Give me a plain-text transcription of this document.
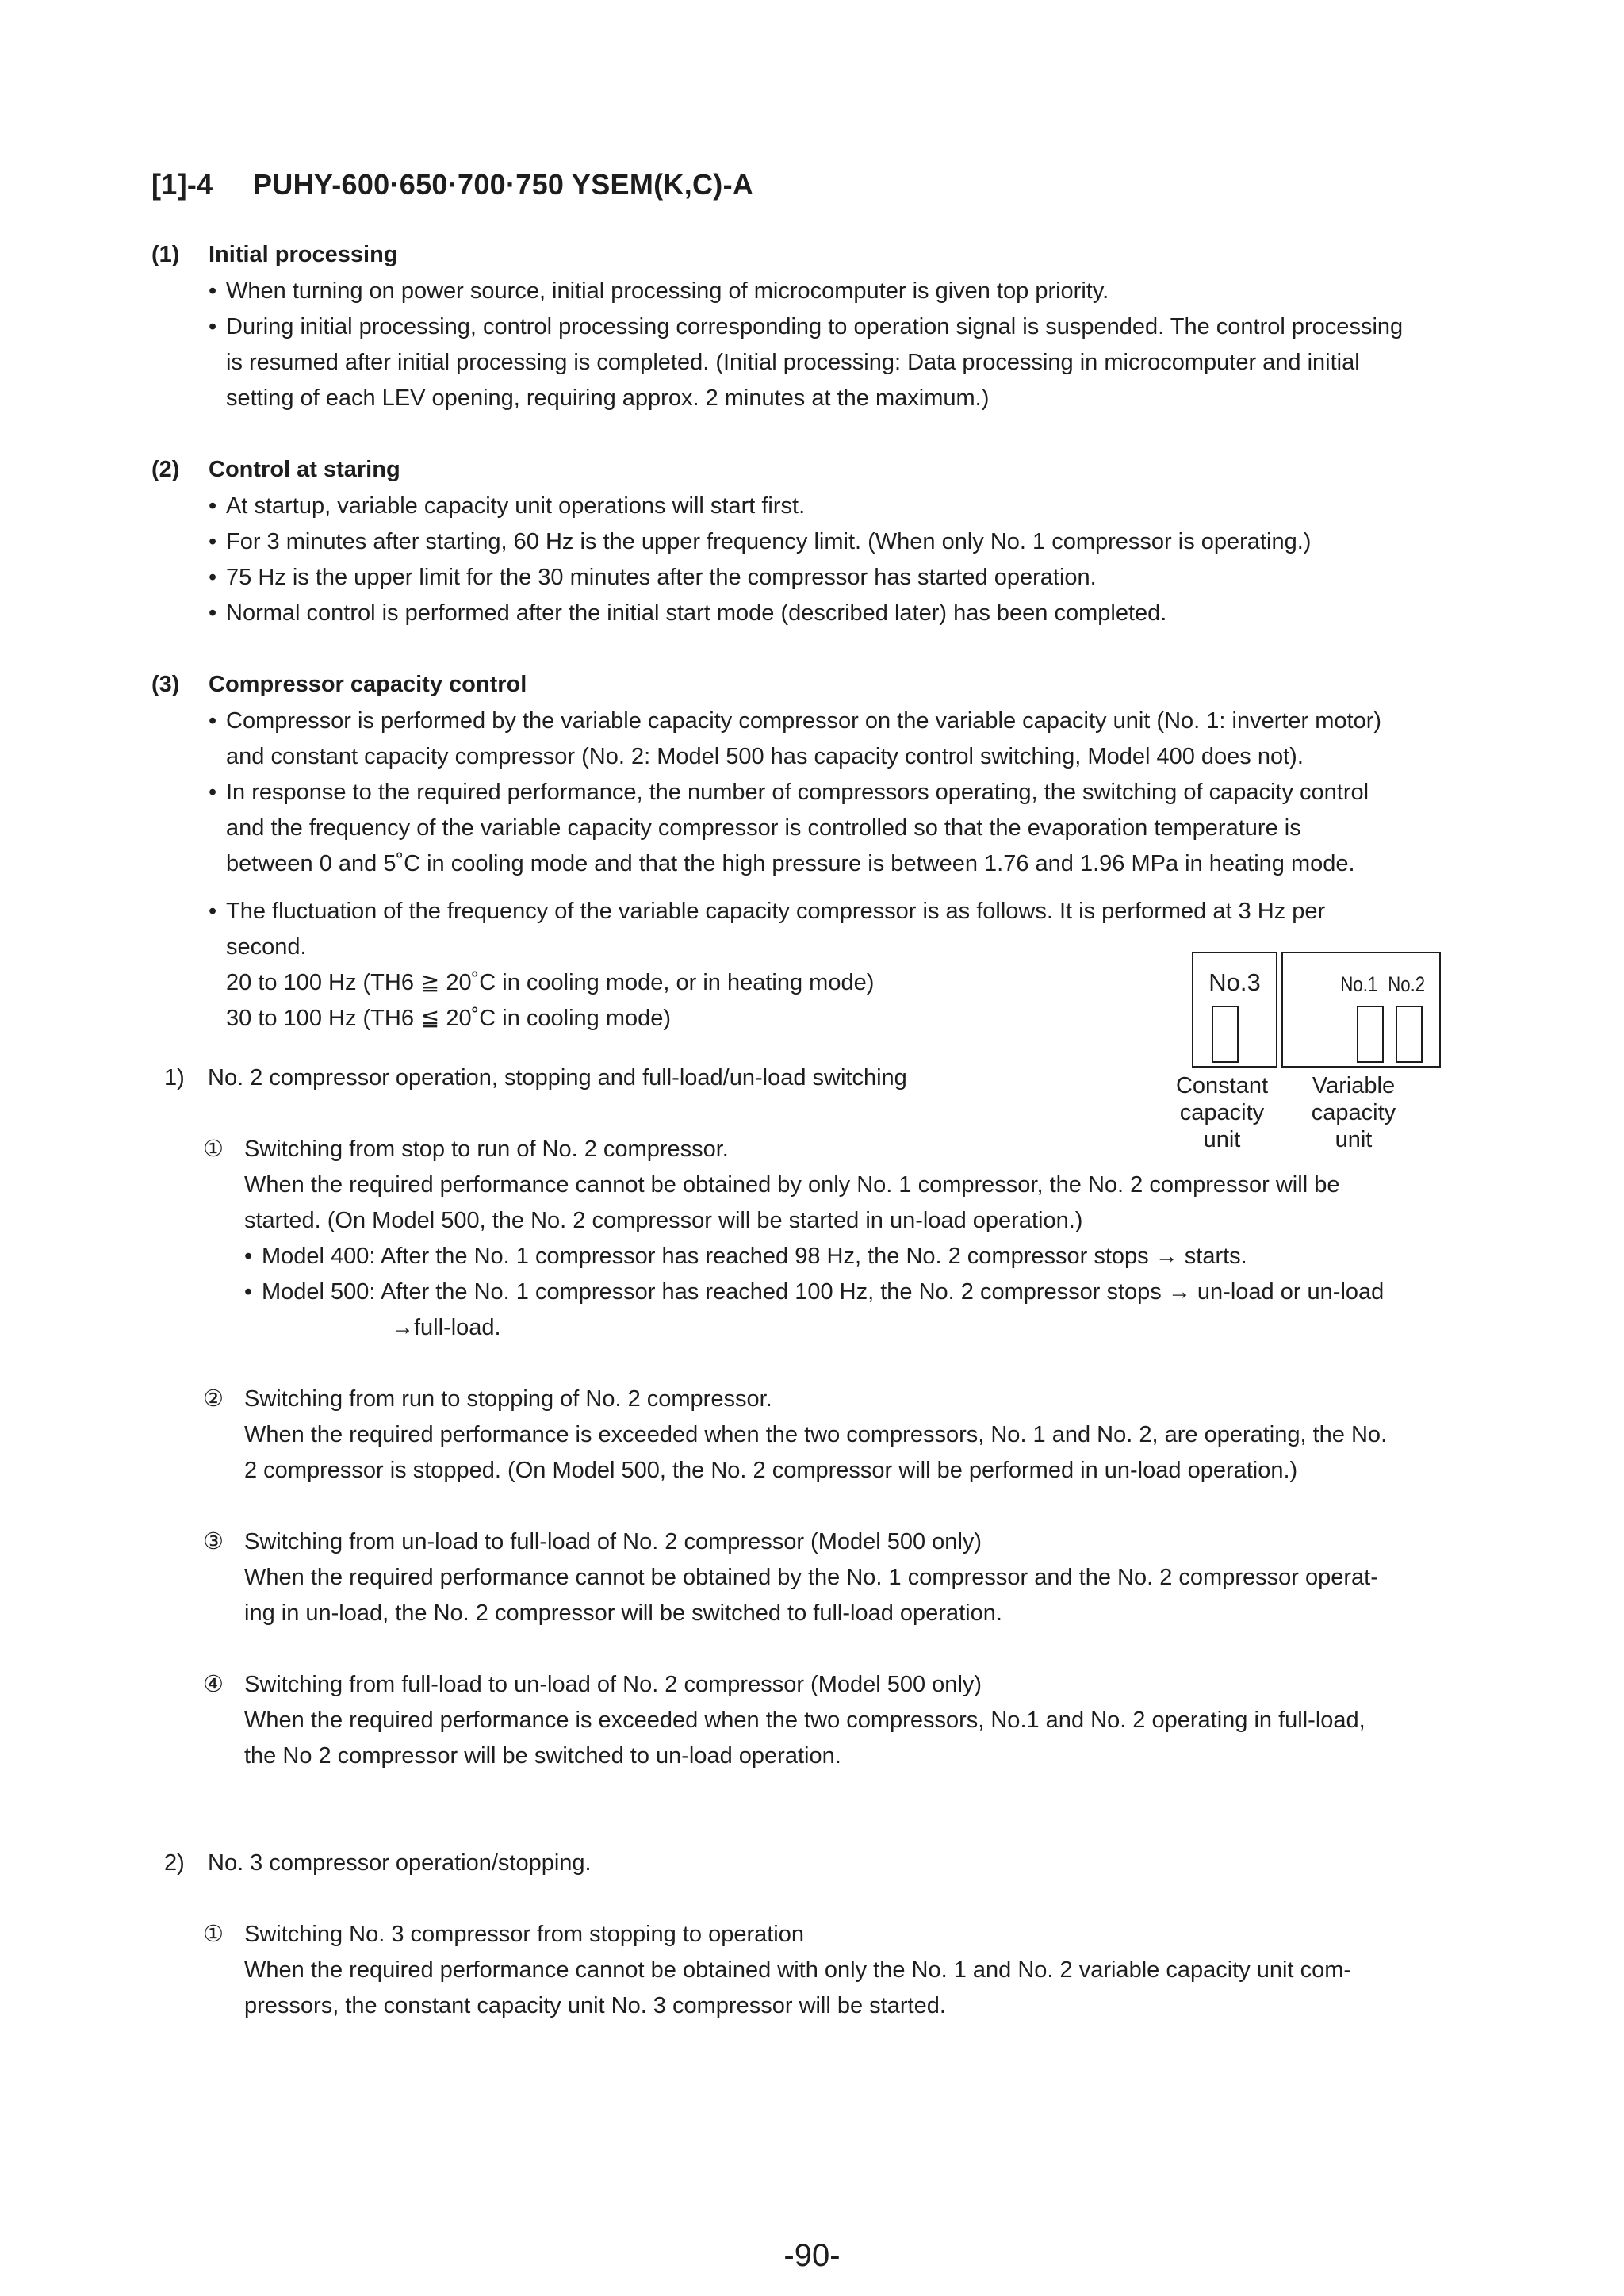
[1]-4 PUHY-600·650·700·750 YSEM(K,C)-A
(1) Initial processing
• When turning on power source, initial processing of microcomputer is given top priority.
• During initial processing, control processing corresponding to operation signal is suspended. The control processing
is resumed after initial processing is completed. (Initial processing: Data processing in microcomputer and initial
setting of each LEV opening, requiring approx. 2 minutes at the maximum.)
(2) Control at staring
• At startup, variable capacity unit operations will start first.
• For 3 minutes after starting, 60 Hz is the upper frequency limit. (When only No. 1 compressor is operating.)
• 75 Hz is the upper limit for the 30 minutes after the compressor has started operation.
• Normal control is performed after the initial start mode (described later) has been completed.
(3) Compressor capacity control
• Compressor is performed by the variable capacity compressor on the variable capacity unit (No. 1: inverter motor)
and constant capacity compressor (No. 2: Model 500 has capacity control switching, Model 400 does not).
• In response to the required performance, the number of compressors operating, the switching of capacity control
and the frequency of the variable capacity compressor is controlled so that the evaporation temperature is
between 0 and 5˚C in cooling mode and that the high pressure is between 1.76 and 1.96 MPa in heating mode.
• The fluctuation of the frequency of the variable capacity compressor is as follows. It is performed at 3 Hz per
second.
20 to 100 Hz (TH6 ≧ 20˚C in cooling mode, or in heating mode)
30 to 100 Hz (TH6 ≦ 20˚C in cooling mode)
No.3	No.1 No.2
Constant
capacity
unit
Variable
capacity
unit
1) No. 2 compressor operation, stopping and full-load/un-load switching
① Switching from stop to run of No. 2 compressor.
When the required performance cannot be obtained by only No. 1 compressor, the No. 2 compressor will be
started. (On Model 500, the No. 2 compressor will be started in un-load operation.)
• Model 400: After the No. 1 compressor has reached 98 Hz, the No. 2 compressor stops → starts.
• Model 500: After the No. 1 compressor has reached 100 Hz, the No. 2 compressor stops → un-load or un-load
→full-load.
② Switching from run to stopping of No. 2 compressor.
When the required performance is exceeded when the two compressors, No. 1 and No. 2, are operating, the No.
2 compressor is stopped. (On Model 500, the No. 2 compressor will be performed in un-load operation.)
③ Switching from un-load to full-load of No. 2 compressor (Model 500 only)
When the required performance cannot be obtained by the No. 1 compressor and the No. 2 compressor operat-
ing in un-load, the No. 2 compressor will be switched to full-load operation.
④ Switching from full-load to un-load of No. 2 compressor (Model 500 only)
When the required performance is exceeded when the two compressors, No.1 and No. 2 operating in full-load,
the No 2 compressor will be switched to un-load operation.
2) No. 3 compressor operation/stopping.
① Switching No. 3 compressor from stopping to operation
When the required performance cannot be obtained with only the No. 1 and No. 2 variable capacity unit com-
pressors, the constant capacity unit No. 3 compressor will be started.
-90-
